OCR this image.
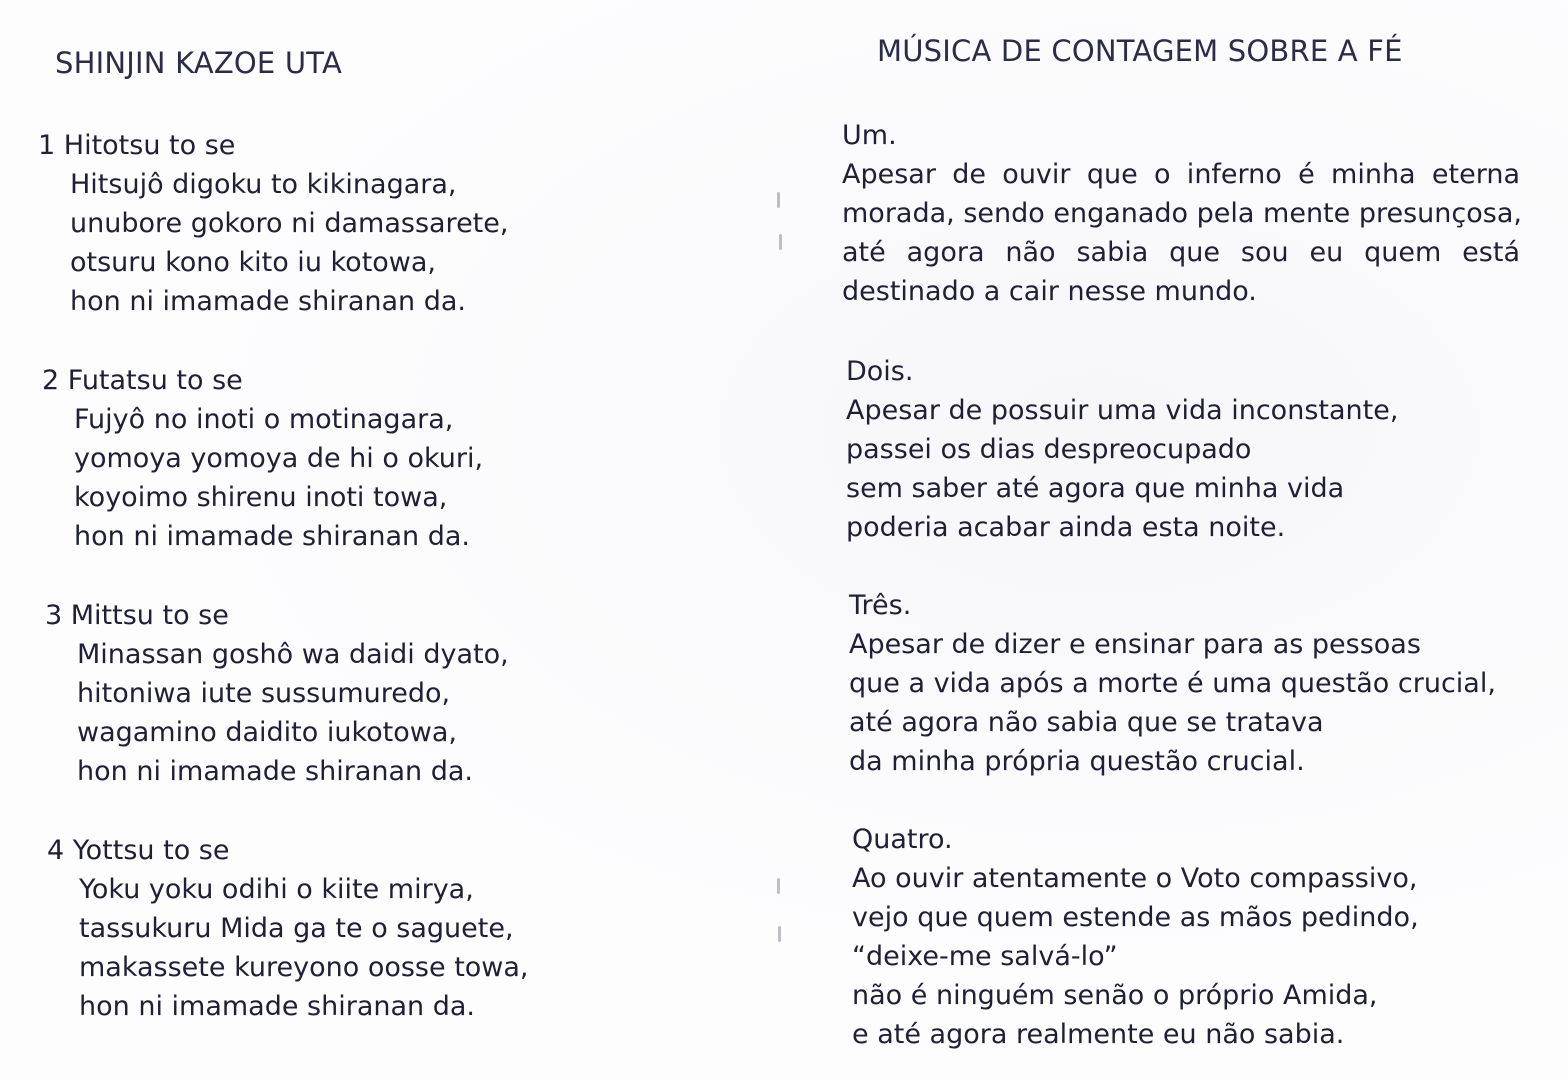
SHINJIN KAZOE UTA
1 Hitotsu to se
Hitsujô digoku to kikinagara,
unubore gokoro ni damassarete,
otsuru kono kito iu kotowa,
hon ni imamade shiranan da.
2 Futatsu to se
Fujyô no inoti o motinagara,
yomoya yomoya de hi o okuri,
koyoimo shirenu inoti towa,
hon ni imamade shiranan da.
3 Mittsu to se
Minassan goshô wa daidi dyato,
hitoniwa iute sussumuredo,
wagamino daidito iukotowa,
hon ni imamade shiranan da.
4 Yottsu to se
Yoku yoku odihi o kiite mirya,
tassukuru Mida ga te o saguete,
makassete kureyono oosse towa,
hon ni imamade shiranan da.
MÚSICA DE CONTAGEM SOBRE A FÉ
Um.
Apesar de ouvir que o inferno é minha eterna
morada, sendo enganado pela mente presunçosa,
até agora não sabia que sou eu quem está
destinado a cair nesse mundo.
Dois.
Apesar de possuir uma vida inconstante,
passei os dias despreocupado
sem saber até agora que minha vida
poderia acabar ainda esta noite.
Três.
Apesar de dizer e ensinar para as pessoas
que a vida após a morte é uma questão crucial,
até agora não sabia que se tratava
da minha própria questão crucial.
Quatro.
Ao ouvir atentamente o Voto compassivo,
vejo que quem estende as mãos pedindo,
“deixe-me salvá-lo”
não é ninguém senão o próprio Amida,
e até agora realmente eu não sabia.
